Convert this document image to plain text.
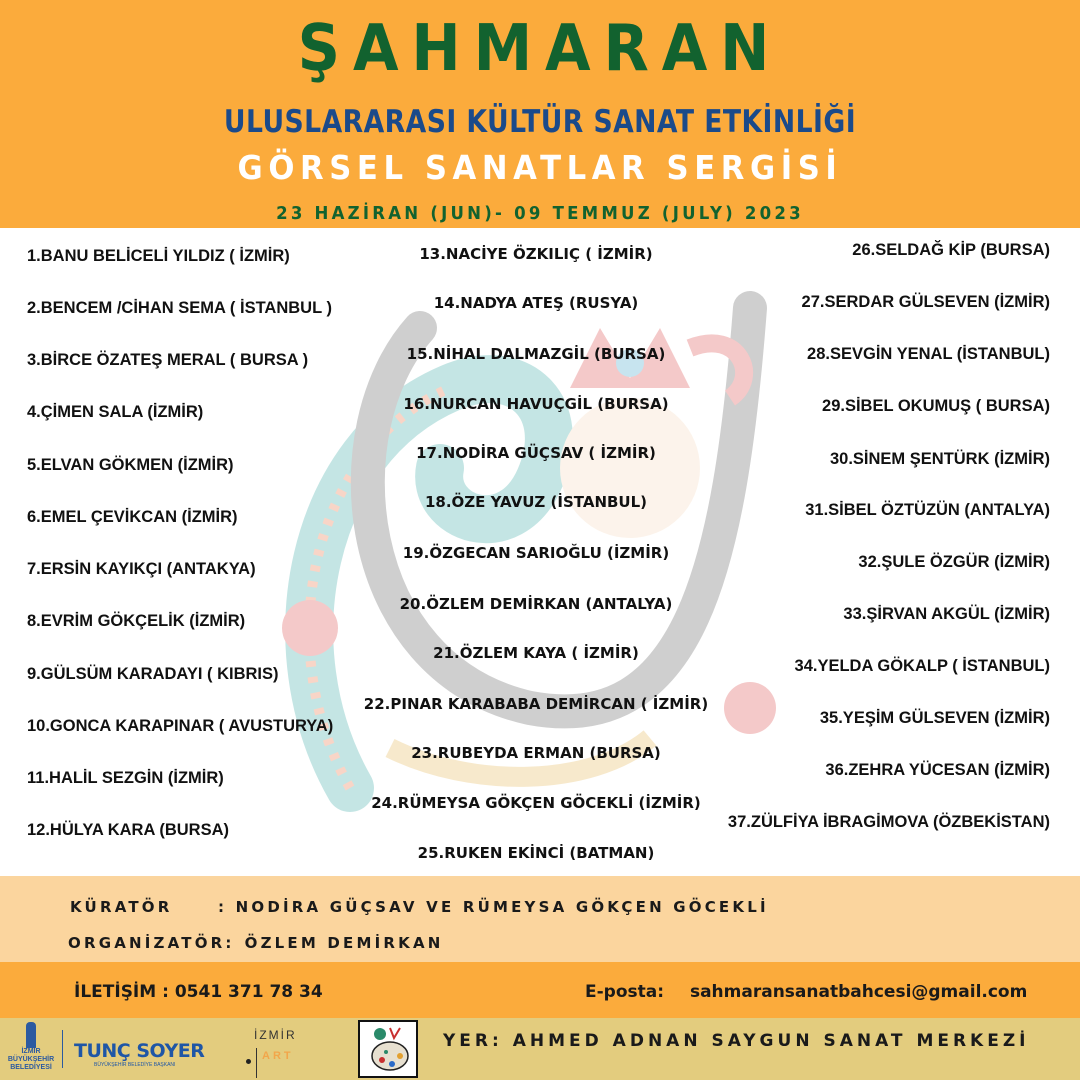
ŞAHMARAN
ULUSLARARASI KÜLTÜR SANAT ETKİNLİĞİ
GÖRSEL SANATLAR SERGİSİ
23 HAZİRAN (JUN)- 09 TEMMUZ (JULY) 2023
1.BANU BELİCELİ YILDIZ ( İZMİR)
2.BENCEM /CİHAN SEMA ( İSTANBUL )
3.BİRCE ÖZATEŞ MERAL ( BURSA )
4.ÇİMEN SALA (İZMİR)
5.ELVAN GÖKMEN (İZMİR)
6.EMEL ÇEVİKCAN (İZMİR)
7.ERSİN KAYIKÇI (ANTAKYA)
8.EVRİM GÖKÇELİK (İZMİR)
9.GÜLSÜM KARADAYI ( KIBRIS)
10.GONCA KARAPINAR ( AVUSTURYA)
11.HALİL SEZGİN (İZMİR)
12.HÜLYA KARA (BURSA)
13.NACİYE ÖZKILIÇ ( İZMİR)
14.NADYA ATEŞ (RUSYA)
15.NİHAL DALMAZGİL (BURSA)
16.NURCAN HAVUÇGİL (BURSA)
17.NODİRA GÜÇSAV ( İZMİR)
18.ÖZE YAVUZ (İSTANBUL)
19.ÖZGECAN SARIOĞLU (İZMİR)
20.ÖZLEM DEMİRKAN (ANTALYA)
21.ÖZLEM KAYA ( İZMİR)
22.PINAR KARABABA DEMİRCAN ( İZMİR)
23.RUBEYDA ERMAN (BURSA)
24.RÜMEYSA GÖKÇEN GÖCEKLİ (İZMİR)
25.RUKEN EKİNCİ (BATMAN)
26.SELDAĞ KİP (BURSA)
27.SERDAR GÜLSEVEN (İZMİR)
28.SEVGİN YENAL (İSTANBUL)
29.SİBEL OKUMUŞ ( BURSA)
30.SİNEM ŞENTÜRK (İZMİR)
31.SİBEL ÖZTÜZÜN (ANTALYA)
32.ŞULE ÖZGÜR (İZMİR)
33.ŞİRVAN AKGÜL (İZMİR)
34.YELDA GÖKALP ( İSTANBUL)
35.YEŞİM GÜLSEVEN (İZMİR)
36.ZEHRA YÜCESAN (İZMİR)
37.ZÜLFİYA İBRAGİMOVA (ÖZBEKİSTAN)
KÜRATÖR	: NODİRA GÜÇSAV VE RÜMEYSA GÖKÇEN GÖCEKLİ
ORGANİZATÖR: ÖZLEM DEMİRKAN
İLETİŞİM : 0541 371 78 34	E-posta: sahmaransanatbahcesi@gmail.com
İZMİR
BÜYÜKŞEHİR
BELEDİYESİ
TUNÇ SOYER
BÜYÜKŞEHİR BELEDİYE BAŞKANI
İZMİR
ART
YER: AHMED ADNAN SAYGUN SANAT MERKEZİ
